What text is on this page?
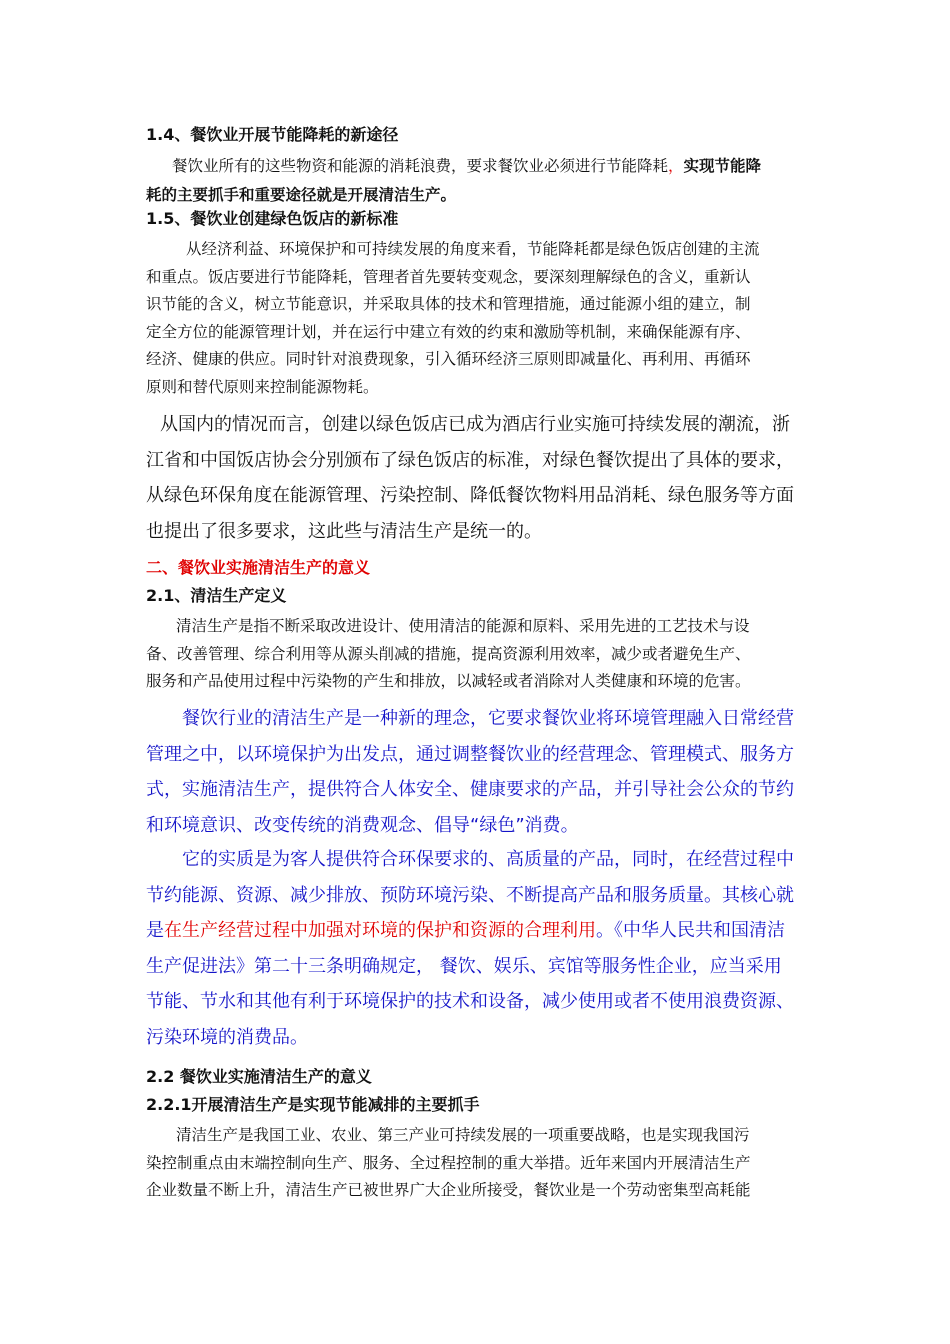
1.4、餐饮业开展节能降耗的新途径
餐饮业所有的这些物资和能源的消耗浪费，要求餐饮业必须进行节能降耗，实现节能降
耗的主要抓手和重要途径就是开展清洁生产。
1.5、餐饮业创建绿色饭店的新标准
从经济利益、环境保护和可持续发展的角度来看，节能降耗都是绿色饭店创建的主流
和重点。饭店要进行节能降耗，管理者首先要转变观念，要深刻理解绿色的含义，重新认
识节能的含义，树立节能意识，并采取具体的技术和管理措施，通过能源小组的建立，制
定全方位的能源管理计划，并在运行中建立有效的约束和激励等机制，来确保能源有序、
经济、健康的供应。同时针对浪费现象，引入循环经济三原则即减量化、再利用、再循环
原则和替代原则来控制能源物耗。
从国内的情况而言，创建以绿色饭店已成为酒店行业实施可持续发展的潮流，浙
江省和中国饭店协会分别颁布了绿色饭店的标准，对绿色餐饮提出了具体的要求，
从绿色环保角度在能源管理、污染控制、降低餐饮物料用品消耗、绿色服务等方面
也提出了很多要求，这此些与清洁生产是统一的。
二、餐饮业实施清洁生产的意义
2.1、清洁生产定义
清洁生产是指不断采取改进设计、使用清洁的能源和原料、采用先进的工艺技术与设
备、改善管理、综合利用等从源头削减的措施，提高资源利用效率，减少或者避免生产、
服务和产品使用过程中污染物的产生和排放，以减轻或者消除对人类健康和环境的危害。
餐饮行业的清洁生产是一种新的理念，它要求餐饮业将环境管理融入日常经营
管理之中，以环境保护为出发点，通过调整餐饮业的经营理念、管理模式、服务方
式，实施清洁生产，提供符合人体安全、健康要求的产品，并引导社会公众的节约
和环境意识、改变传统的消费观念、倡导“绿色”消费。
它的实质是为客人提供符合环保要求的、高质量的产品，同时，在经营过程中
节约能源、资源、减少排放、预防环境污染、不断提高产品和服务质量。其核心就
是在生产经营过程中加强对环境的保护和资源的合理利用。《中华人民共和国清洁
生产促进法》第二十三条明确规定， 餐饮、娱乐、宾馆等服务性企业，应当采用
节能、节水和其他有利于环境保护的技术和设备，减少使用或者不使用浪费资源、
污染环境的消费品。
2.2 餐饮业实施清洁生产的意义
2.2.1开展清洁生产是实现节能减排的主要抓手
清洁生产是我国工业、农业、第三产业可持续发展的一项重要战略，也是实现我国污
染控制重点由末端控制向生产、服务、全过程控制的重大举措。近年来国内开展清洁生产
企业数量不断上升，清洁生产已被世界广大企业所接受，餐饮业是一个劳动密集型高耗能
